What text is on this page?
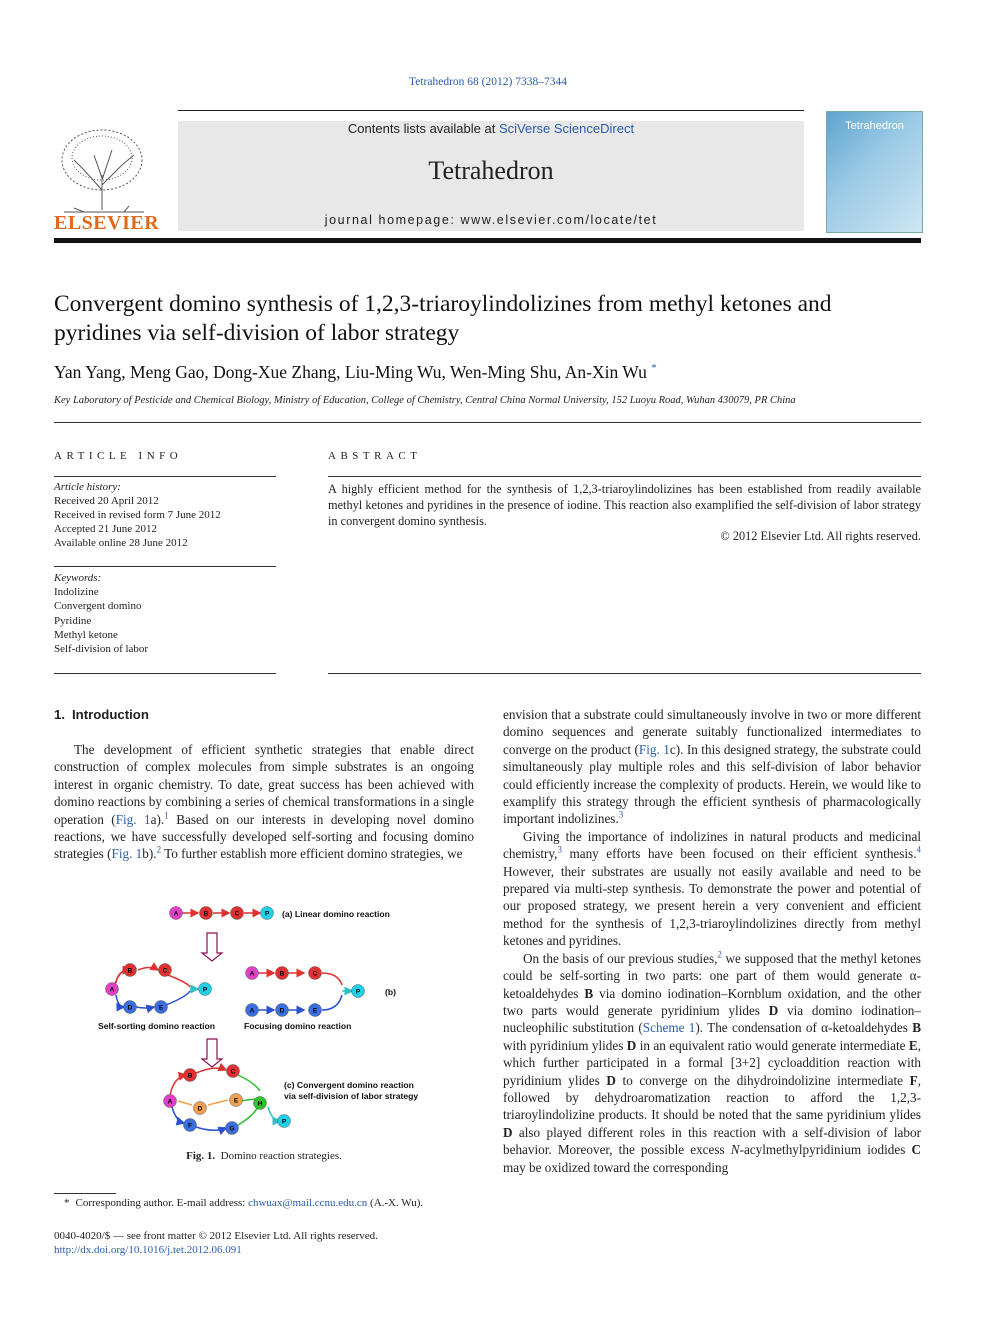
Tetrahedron 68 (2012) 7338–7344
ELSEVIER
Contents lists available at SciVerse ScienceDirect
Tetrahedron
journal homepage: www.elsevier.com/locate/tet
Tetrahedron
Convergent domino synthesis of 1,2,3-triaroylindolizines from methyl ketones and pyridines via self-division of labor strategy
Yan Yang, Meng Gao, Dong-Xue Zhang, Liu-Ming Wu, Wen-Ming Shu, An-Xin Wu *
Key Laboratory of Pesticide and Chemical Biology, Ministry of Education, College of Chemistry, Central China Normal University, 152 Luoyu Road, Wuhan 430079, PR China
ARTICLE INFO	ABSTRACT
Article history:
Received 20 April 2012
Received in revised form 7 June 2012
Accepted 21 June 2012
Available online 28 June 2012
Keywords:
Indolizine
Convergent domino
Pyridine
Methyl ketone
Self-division of labor
A highly efficient method for the synthesis of 1,2,3-triaroylindolizines has been established from readily available methyl ketones and pyridines in the presence of iodine. This reaction also examplified the self-division of labor strategy in convergent domino synthesis.
© 2012 Elsevier Ltd. All rights reserved.
1. Introduction

The development of efficient synthetic strategies that enable direct construction of complex molecules from simple substrates is an ongoing interest in organic chemistry. To date, great success has been achieved with domino reactions by combining a series of chemical transformations in a single operation (Fig. 1a).$^1$ Based on our interests in developing novel domino reactions, we have successfully developed self-sorting and focusing domino strategies (Fig. 1b).$^2$ To further establish more efficient domino strategies, we

A	B	C	P (a) Linear domino reaction
A
B	C
D	E
P
Self-sorting domino reaction
A	B	C
A	D	E
P	(b)
Focusing domino reaction
A
B
C
D
E
F	G
H
P
(c) Convergent domino reaction
via self-division of labor strategy
Fig. 1. Domino reaction strategies.

envision that a substrate could simultaneously involve in two or more different domino sequences and generate suitably functionalized intermediates to converge on the product (Fig. 1c). In this designed strategy, the substrate could simultaneously play multiple roles and this self-division of labor behavior could efficiently increase the complexity of products. Herein, we would like to examplify this strategy through the efficient synthesis of pharmacologically important indolizines.$^3$

Giving the importance of indolizines in natural products and medicinal chemistry,$^3$ many efforts have been focused on their efficient synthesis.$^4$ However, their substrates are usually not easily available and need to be prepared via multi-step synthesis. To demonstrate the power and potential of our proposed strategy, we present herein a very convenient and efficient method for the synthesis of 1,2,3-triaroylindolizines directly from methyl ketones and pyridines.

On the basis of our previous studies,$^2$ we supposed that the methyl ketones could be self-sorting in two parts: one part of them would generate α-ketoaldehydes B via domino iodination–Kornblum oxidation, and the other two parts would generate pyridinium ylides D via domino iodination–nucleophilic substitution (Scheme 1). The condensation of α-ketoaldehydes B with pyridinium ylides D in an equivalent ratio would generate intermediate E, which further participated in a formal [3+2] cycloaddition reaction with pyridinium ylides D to converge on the dihydroindolizine intermediate F, followed by dehydroaromatization reaction to afford the 1,2,3-triaroylindolizine products. It should be noted that the same pyridinium ylides D also played different roles in this reaction with a self-division of labor behavior. Moreover, the possible excess N-acylmethylpyridinium iodides C may be oxidized toward the corresponding

* Corresponding author. E-mail address: chwuax@mail.ccnu.edu.cn (A.-X. Wu).
0040-4020/$ — see front matter © 2012 Elsevier Ltd. All rights reserved.
http://dx.doi.org/10.1016/j.tet.2012.06.091
